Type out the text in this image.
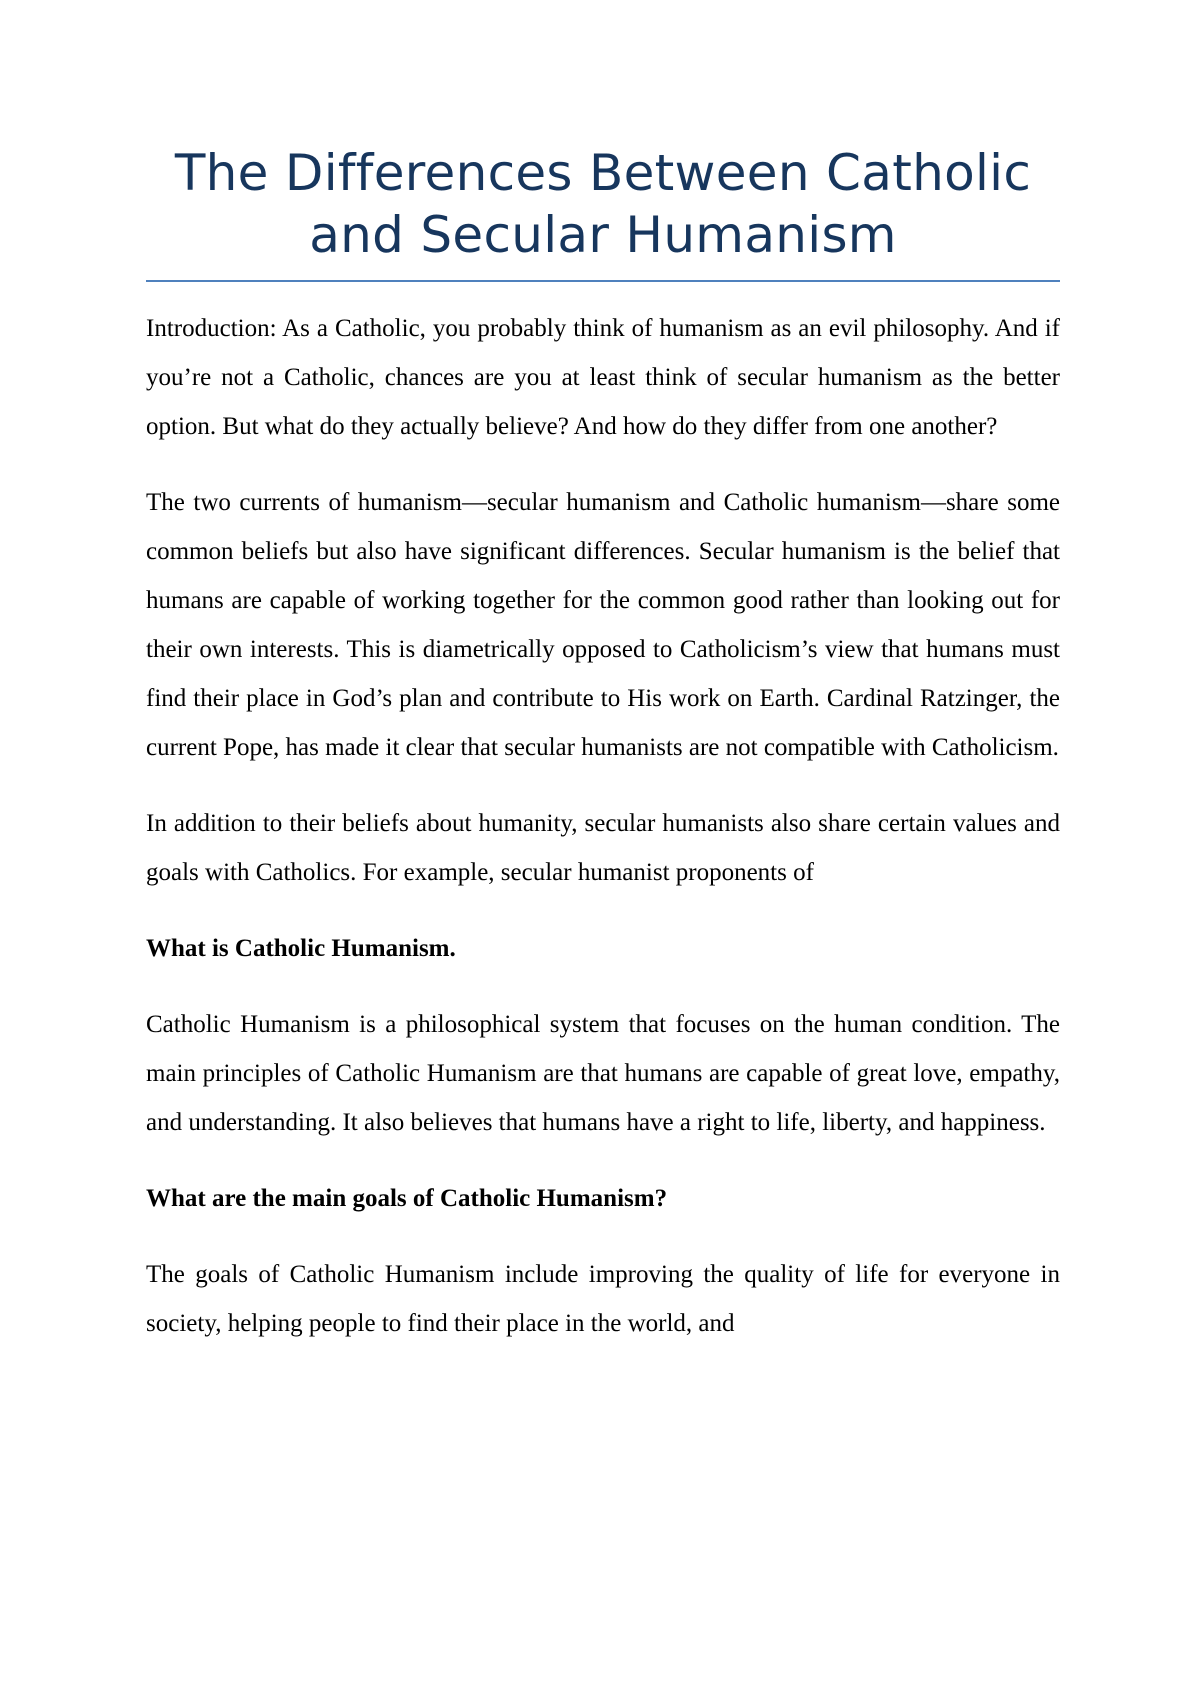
The Differences Between Catholic
and Secular Humanism

Introduction: As a Catholic, you probably think of humanism as an evil philosophy. And if you’re not a Catholic, chances are you at least think of secular humanism as the better option. But what do they actually believe? And how do they differ from one another?

The two currents of humanism—secular humanism and Catholic humanism—share some common beliefs but also have significant differences. Secular humanism is the belief that humans are capable of working together for the common good rather than looking out for their own interests. This is diametrically opposed to Catholicism’s view that humans must find their place in God’s plan and contribute to His work on Earth. Cardinal Ratzinger, the current Pope, has made it clear that secular humanists are not compatible with Catholicism.

In addition to their beliefs about humanity, secular humanists also share certain values and goals with Catholics. For example, secular humanist proponents of

What is Catholic Humanism.

Catholic Humanism is a philosophical system that focuses on the human condition. The main principles of Catholic Humanism are that humans are capable of great love, empathy, and understanding. It also believes that humans have a right to life, liberty, and happiness.

What are the main goals of Catholic Humanism?

The goals of Catholic Humanism include improving the quality of life for everyone in society, helping people to find their place in the world, and
